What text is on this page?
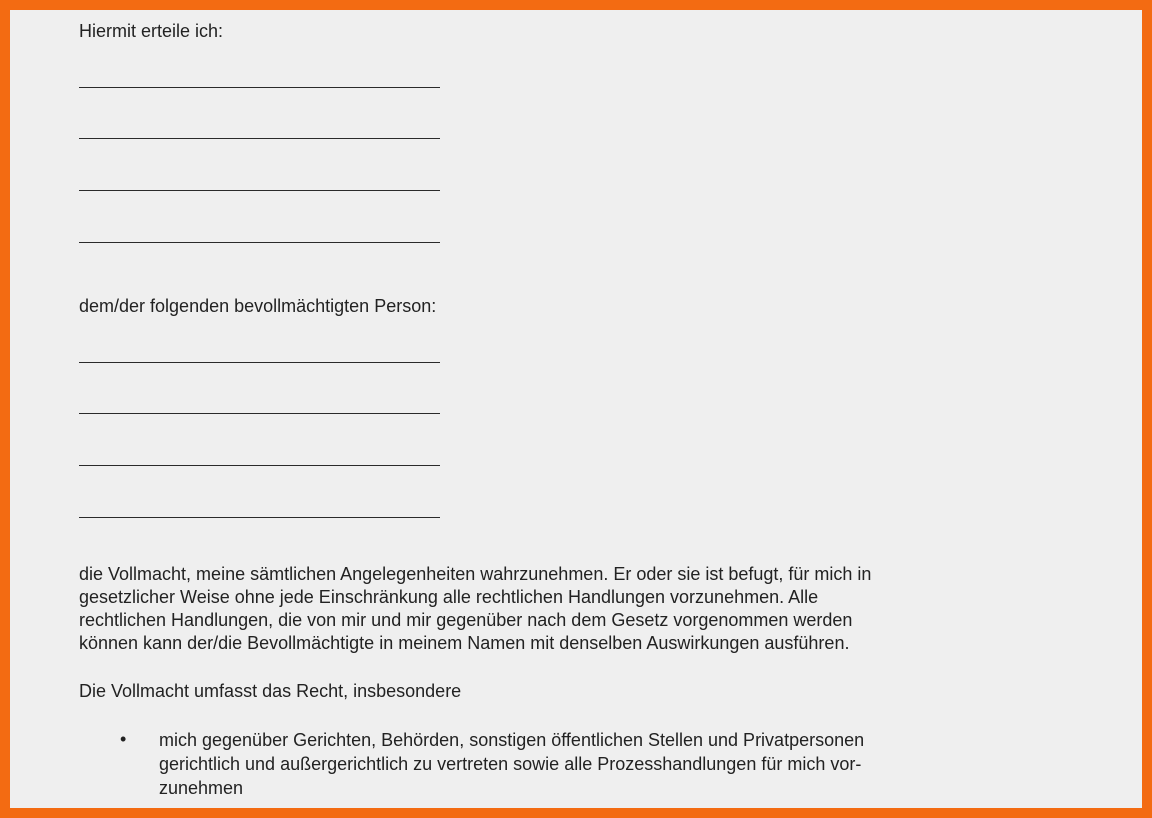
Hiermit erteile ich:
dem/der folgenden bevollmächtigten Person:
die Vollmacht, meine sämtlichen Angelegenheiten wahrzunehmen. Er oder sie ist befugt, für mich in
gesetzlicher Weise ohne jede Einschränkung alle rechtlichen Handlungen vorzunehmen. Alle
rechtlichen Handlungen, die von mir und mir gegenüber nach dem Gesetz vorgenommen werden
können kann der/die Bevollmächtigte in meinem Namen mit denselben Auswirkungen ausführen.
Die Vollmacht umfasst das Recht, insbesondere
• mich gegenüber Gerichten, Behörden, sonstigen öffentlichen Stellen und Privatpersonen
gerichtlich und außergerichtlich zu vertreten sowie alle Prozesshandlungen für mich vor-
zunehmen
